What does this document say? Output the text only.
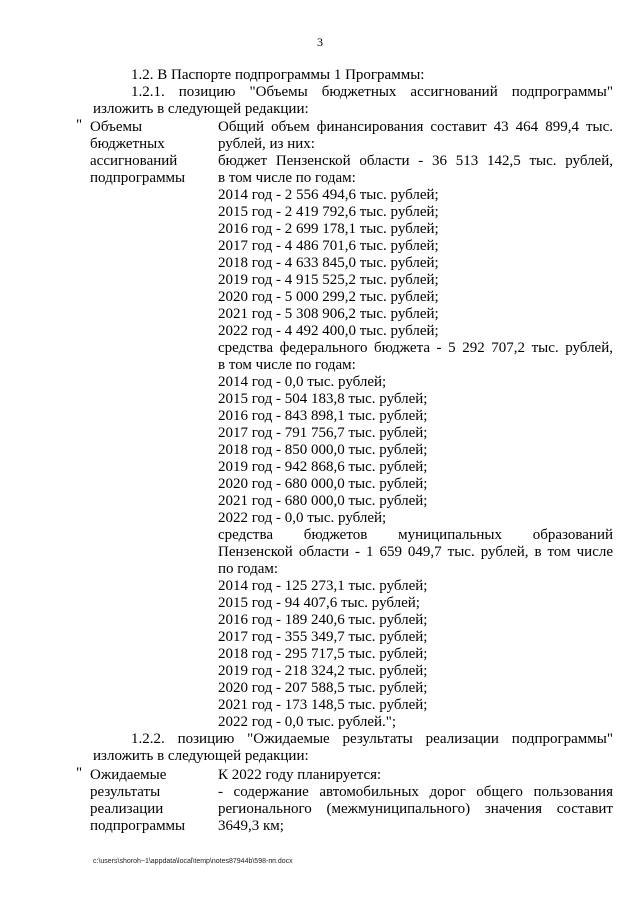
3
1.2. В Паспорте подпрограммы 1 Программы:
1.2.1. позицию "Объемы бюджетных ассигнований подпрограммы"
изложить в следующей редакции:
" Объемы
бюджетных
ассигнований
подпрограммы
Общий объем финансирования составит 43 464 899,4 тыс.
рублей, из них:
бюджет Пензенской области - 36 513 142,5 тыс. рублей,
в том числе по годам:
2014 год - 2 556 494,6 тыс. рублей;
2015 год - 2 419 792,6 тыс. рублей;
2016 год - 2 699 178,1 тыс. рублей;
2017 год - 4 486 701,6 тыс. рублей;
2018 год - 4 633 845,0 тыс. рублей;
2019 год - 4 915 525,2 тыс. рублей;
2020 год - 5 000 299,2 тыс. рублей;
2021 год - 5 308 906,2 тыс. рублей;
2022 год - 4 492 400,0 тыс. рублей;
средства федерального бюджета - 5 292 707,2 тыс. рублей,
в том числе по годам:
2014 год - 0,0 тыс. рублей;
2015 год - 504 183,8 тыс. рублей;
2016 год - 843 898,1 тыс. рублей;
2017 год - 791 756,7 тыс. рублей;
2018 год - 850 000,0 тыс. рублей;
2019 год - 942 868,6 тыс. рублей;
2020 год - 680 000,0 тыс. рублей;
2021 год - 680 000,0 тыс. рублей;
2022 год - 0,0 тыс. рублей;
средства бюджетов муниципальных образований
Пензенской области - 1 659 049,7 тыс. рублей, в том числе
по годам:
2014 год - 125 273,1 тыс. рублей;
2015 год - 94 407,6 тыс. рублей;
2016 год - 189 240,6 тыс. рублей;
2017 год - 355 349,7 тыс. рублей;
2018 год - 295 717,5 тыс. рублей;
2019 год - 218 324,2 тыс. рублей;
2020 год - 207 588,5 тыс. рублей;
2021 год - 173 148,5 тыс. рублей;
2022 год - 0,0 тыс. рублей.";
1.2.2. позицию "Ожидаемые результаты реализации подпрограммы"
изложить в следующей редакции:
" Ожидаемые
результаты
реализации
подпрограммы
К 2022 году планируется:
- содержание автомобильных дорог общего пользования
регионального (межмуниципального) значения составит
3649,3 км;
c:\users\shoroh~1\appdata\local\temp\notes87944b\598-пп.docx
